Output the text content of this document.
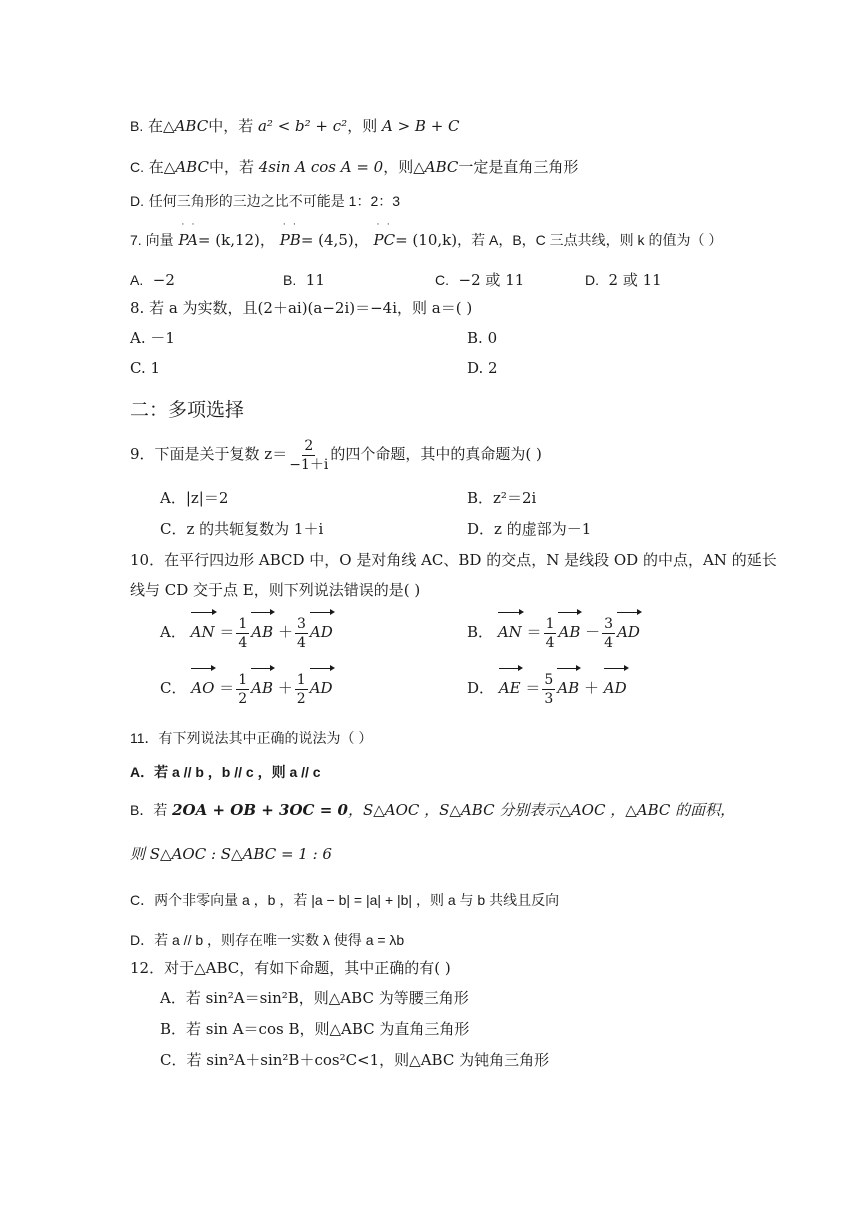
B. 在△ABC中，若 a² < b² + c²，则 A > B + C
C. 在△ABC中，若 4sin A cos A = 0，则△ABC一定是直角三角形
D. 任何三角形的三边之比不可能是 1：2：3
7. 向量 ˙ ˙ PA= (k,12)， ˙ ˙ PB= (4,5)， ˙ ˙ PC= (10,k)，若 A，B，C 三点共线，则 k 的值为（ ）
A. −2	B. 11	C. −2 或 11	D. 2 或 11
8. 若 a 为实数，且(2＋ai)(a−2i)＝−4i，则 a＝( )
A. －1	B. 0
C. 1	D. 2
二：多项选择
9．下面是关于复数 $z= \frac{2}{-1+i}$ 的四个命题，其中的真命题为( )
A．|z|＝2	B．z²＝2i
C．z 的共轭复数为 1＋i	D．z 的虚部为－1
10．在平行四边形 ABCD 中，O 是对角线 AC、BD 的交点，N 是线段 OD 的中点，AN 的延长
线与 CD 交于点 E，则下列说法错误的是( )
A． AN ＝ $\frac{1}{4}$ AB ＋ $\frac{3}{4}$ AD	B． AN ＝ $\frac{1}{4}$ AB － $\frac{3}{4}$ AD
C． AO ＝ $\frac{1}{2}$ AB ＋ $\frac{1}{2}$ AD	D． AE ＝ $\frac{5}{3}$ AB ＋ AD
11．有下列说法其中正确的说法为（ ）
A．若 a // b ，b // c ，则 a // c
B．若 2OA + OB + 3OC = 0，S△AOC ，S△ABC 分别表示△AOC ，△ABC 的面积，
则 S△AOC : S△ABC = 1 : 6
C．两个非零向量 a ，b ，若 |a − b| = |a| + |b| ，则 a 与 b 共线且反向
D．若 a // b ，则存在唯一实数 λ 使得 a = λb
12．对于△ABC，有如下命题，其中正确的有( )
A．若 sin²A＝sin²B，则△ABC 为等腰三角形
B．若 sin A＝cos B，则△ABC 为直角三角形
C．若 sin²A＋sin²B＋cos²C<1，则△ABC 为钝角三角形
